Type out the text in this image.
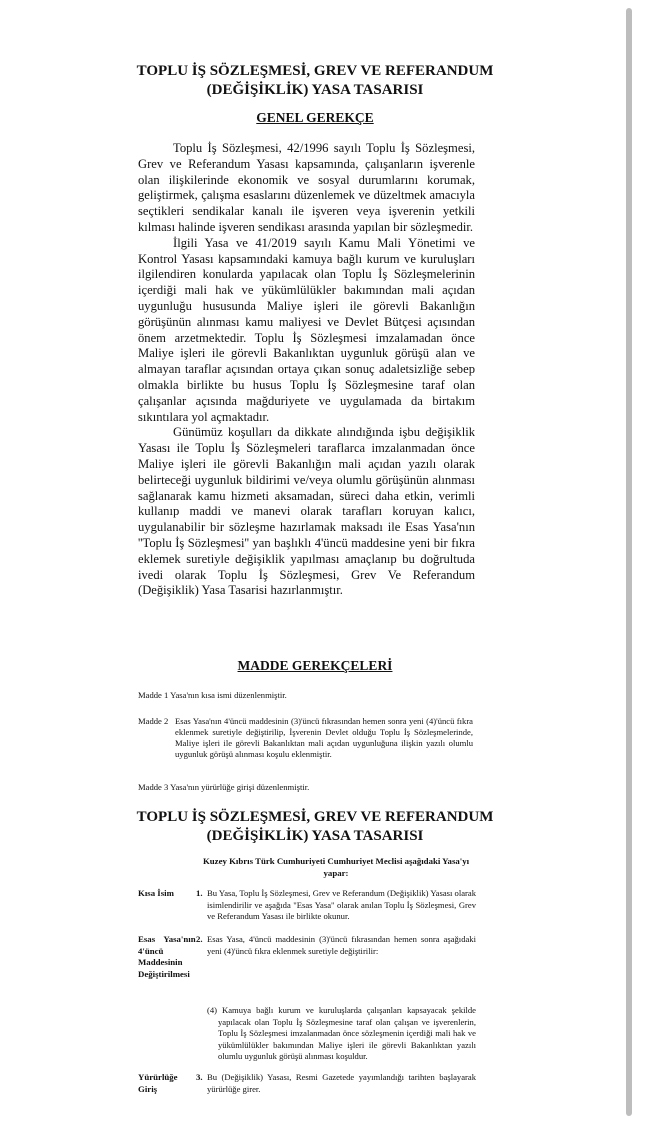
TOPLU İŞ SÖZLEŞMESİ, GREV VE REFERANDUM
(DEĞİŞİKLİK) YASA TASARISI
GENEL GEREKÇE

Toplu İş Sözleşmesi, 42/1996 sayılı Toplu İş Sözleşmesi, Grev ve Referandum Yasası kapsamında, çalışanların işverenle olan ilişkilerinde ekonomik ve sosyal durumlarını korumak, geliştirmek, çalışma esaslarını düzenlemek ve düzeltmek amacıyla seçtikleri sendikalar kanalı ile işveren veya işverenin yetkili kılması halinde işveren sendikası arasında yapılan bir sözleşmedir.

İlgili Yasa ve 41/2019 sayılı Kamu Mali Yönetimi ve Kontrol Yasası kapsamındaki kamuya bağlı kurum ve kuruluşları ilgilendiren konularda yapılacak olan Toplu İş Sözleşmelerinin içerdiği mali hak ve yükümlülükler bakımından mali açıdan uygunluğu hususunda Maliye işleri ile görevli Bakanlığın görüşünün alınması kamu maliyesi ve Devlet Bütçesi açısından önem arzetmektedir. Toplu İş Sözleşmesi imzalamadan önce Maliye işleri ile görevli Bakanlıktan uygunluk görüşü alan ve almayan taraflar açısından ortaya çıkan sonuç adaletsizliğe sebep olmakla birlikte bu husus Toplu İş Sözleşmesine taraf olan çalışanlar açısında mağduriyete ve uygulamada da birtakım sıkıntılara yol açmaktadır.

Günümüz koşulları da dikkate alındığında işbu değişiklik Yasası ile Toplu İş Sözleşmeleri taraflarca imzalanmadan önce Maliye işleri ile görevli Bakanlığın mali açıdan yazılı olarak belirteceği uygunluk bildirimi ve/veya olumlu görüşünün alınması sağlanarak kamu hizmeti aksamadan, süreci daha etkin, verimli kullanıp maddi ve manevi olarak tarafları koruyan kalıcı, uygulanabilir bir sözleşme hazırlamak maksadı ile Esas Yasa'nın ''Toplu İş Sözleşmesi'' yan başlıklı 4'üncü maddesine yeni bir fıkra eklemek suretiyle değişiklik yapılması amaçlanıp bu doğrultuda ivedi olarak Toplu İş Sözleşmesi, Grev Ve Referandum (Değişiklik) Yasa Tasarisi hazırlanmıştır.

MADDE GEREKÇELERİ
Madde 1 Yasa'nın kısa ismi düzenlenmiştir.
Madde 2 Esas Yasa'nın 4'üncü maddesinin (3)'üncü fıkrasından hemen sonra yeni (4)'üncü fıkra eklenmek suretiyle değiştirilip, İşverenin Devlet olduğu Toplu İş Sözleşmelerinde, Maliye işleri ile görevli Bakanlıktan mali açıdan uygunluğuna ilişkin yazılı olumlu uygunluk görüşü alınması koşulu eklenmiştir.
Madde 3 Yasa'nın yürürlüğe girişi düzenlenmiştir.
TOPLU İŞ SÖZLEŞMESİ, GREV VE REFERANDUM
(DEĞİŞİKLİK) YASA TASARISI
Kuzey Kıbrıs Türk Cumhuriyeti Cumhuriyet Meclisi aşağıdaki Yasa'yı
yapar:
Kısa İsim	1. Bu Yasa, Toplu İş Sözleşmesi, Grev ve Referandum (Değişiklik) Yasası olarak isimlendirilir ve aşağıda "Esas Yasa" olarak anılan Toplu İş Sözleşmesi, Grev ve Referandum Yasası ile birlikte okunur.
Esas Yasa'nın
4'üncü
Maddesinin
Değiştirilmesi
2. Esas Yasa, 4'üncü maddesinin (3)'üncü fıkrasından hemen sonra aşağıdaki yeni (4)'üncü fıkra eklenmek suretiyle değiştirilir:
(4) Kamuya bağlı kurum ve kuruluşlarda çalışanları kapsayacak şekilde yapılacak olan Toplu İş Sözleşmesine taraf olan çalışan ve işverenlerin, Toplu İş Sözleşmesi imzalanmadan önce sözleşmenin içerdiği mali hak ve yükümlülükler bakımından Maliye işleri ile görevli Bakanlıktan yazılı olumlu uygunluk görüşü alınması koşuldur.
Yürürlüğe
Giriş
3. Bu (Değişiklik) Yasası, Resmi Gazetede yayımlandığı tarihten başlayarak yürürlüğe girer.
